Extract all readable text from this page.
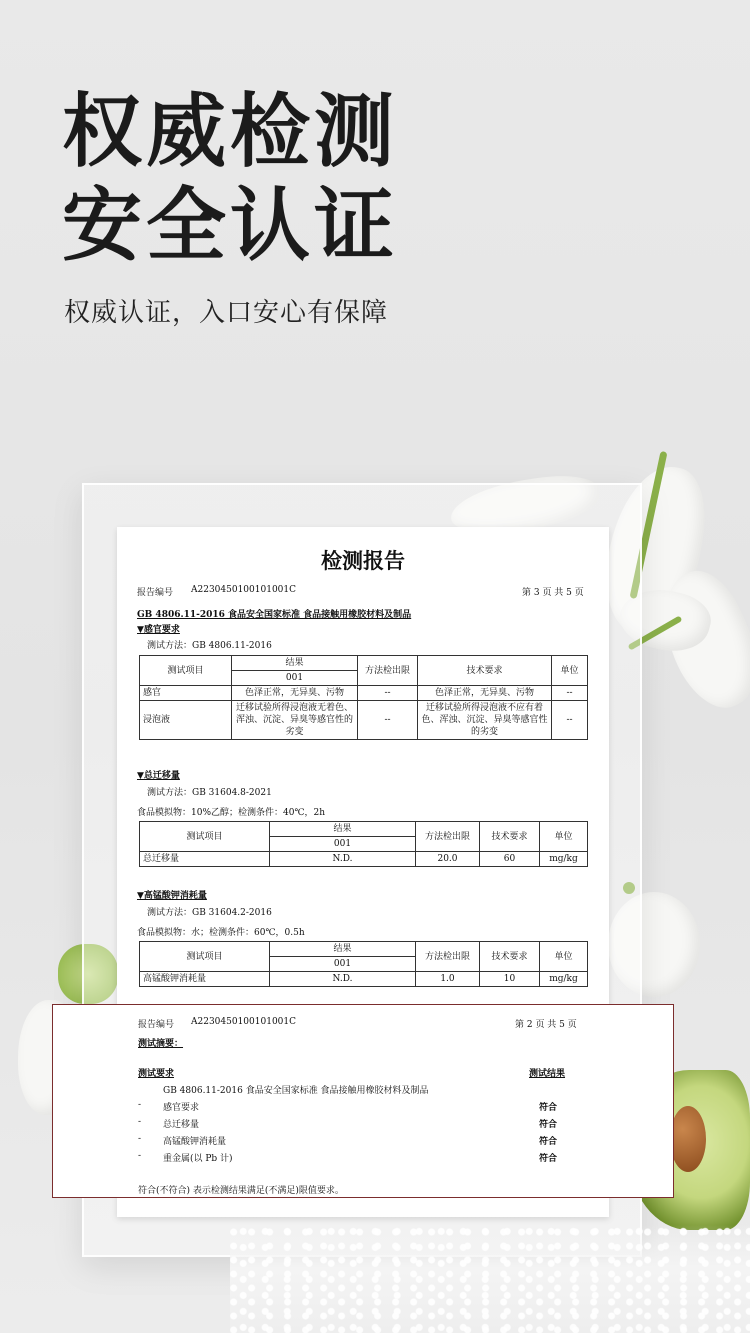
权威检测
安全认证
权威认证，入口安心有保障
检测报告
报告编号 A2230450100101001C	第 3 页 共 5 页
GB 4806.11-2016 食品安全国家标准 食品接触用橡胶材料及制品
▼感官要求
测试方法：GB 4806.11-2016
测试项目	结果	方法检出限	技术要求	单位
	001			
感官	色泽正常，无异臭、污物	--	色泽正常，无异臭、污物	--
浸泡液	迁移试验所得浸泡液无着色、浑浊、沉淀、异臭等感官性的劣变	--	迁移试验所得浸泡液不应有着色、浑浊、沉淀、异臭等感官性的劣变	--
▼总迁移量
测试方法：GB 31604.8-2021
食品模拟物：10%乙醇；检测条件：40℃，2h
测试项目	结果	方法检出限	技术要求	单位
	001			
总迁移量	N.D.	20.0	60	mg/kg
▼高锰酸钾消耗量
测试方法：GB 31604.2-2016
食品模拟物：水；检测条件：60℃，0.5h
测试项目	结果	方法检出限	技术要求	单位
	001			
高锰酸钾消耗量	N.D.	1.0	10	mg/kg
报告编号 A2230450100101001C	第 2 页 共 5 页
测试摘要：
测试要求	测试结果
GB 4806.11-2016 食品安全国家标准 食品接触用橡胶材料及制品
- 感官要求	符合
- 总迁移量	符合
- 高锰酸钾消耗量	符合
- 重金属(以 Pb 计)	符合
符合(不符合) 表示检测结果满足(不满足)限值要求。
